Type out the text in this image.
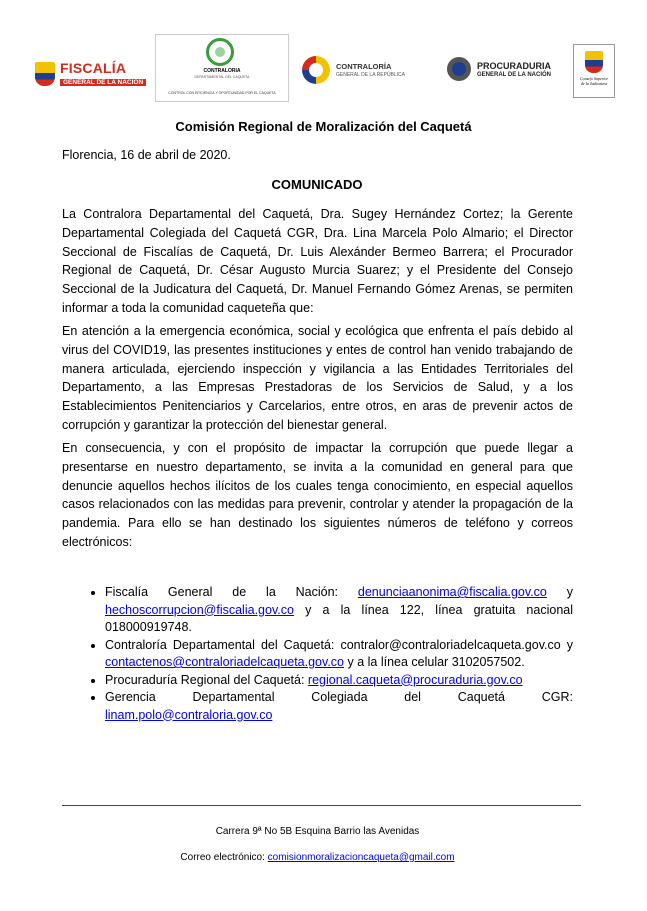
FISCALÍA
GENERAL DE LA NACIÓN
CONTRALORIA
DEPARTAMENTAL DEL CAQUETA
CONTROL CON EFICIENCIA Y OPORTUNIDAD POR EL CAQUETA
CONTRALORÍA
GENERAL DE LA REPÚBLICA
PROCURADURIA
GENERAL DE LA NACIÓN
Consejo Superior
de la Judicatura
Comisión Regional de Moralización del Caquetá
Florencia, 16 de abril de 2020.
COMUNICADO
La Contralora Departamental del Caquetá, Dra. Sugey Hernández Cortez; la Gerente Departamental Colegiada del Caquetá CGR, Dra. Lina Marcela Polo Almario; el Director Seccional de Fiscalías de Caquetá, Dr. Luis Alexánder Bermeo Barrera; el Procurador Regional de Caquetá, Dr. César Augusto Murcia Suarez; y el Presidente del Consejo Seccional de la Judicatura del Caquetá, Dr. Manuel Fernando Gómez Arenas, se permiten informar a toda la comunidad caqueteña que:
En atención a la emergencia económica, social y ecológica que enfrenta el país debido al virus del COVID19, las presentes instituciones y entes de control han venido trabajando de manera articulada, ejerciendo inspección y vigilancia a las Entidades Territoriales del Departamento, a las Empresas Prestadoras de los Servicios de Salud, y a los Establecimientos Penitenciarios y Carcelarios, entre otros, en aras de prevenir actos de corrupción y garantizar la protección del bienestar general.
En consecuencia, y con el propósito de impactar la corrupción que puede llegar a presentarse en nuestro departamento, se invita a la comunidad en general para que denuncie aquellos hechos ilícitos de los cuales tenga conocimiento, en especial aquellos casos relacionados con las medidas para prevenir, controlar y atender la propagación de la pandemia. Para ello se han destinado los siguientes números de teléfono y correos electrónicos:
• Fiscalía General de la Nación: denunciaanonima@fiscalia.gov.co y hechoscorrupcion@fiscalia.gov.co y a la línea 122, línea gratuita nacional 018000919748.
• Contraloría Departamental del Caquetá: contralor@contraloriadelcaqueta.gov.co y contactenos@contraloriadelcaqueta.gov.co y a la línea celular 3102057502.
• Procuraduría Regional del Caquetá: regional.caqueta@procuraduria.gov.co
• Gerencia Departamental Colegiada del Caquetá CGR: linam.polo@contraloria.gov.co
Carrera 9ª No 5B Esquina Barrio las Avenidas
Correo electrónico: comisionmoralizacioncaqueta@gmail.com
